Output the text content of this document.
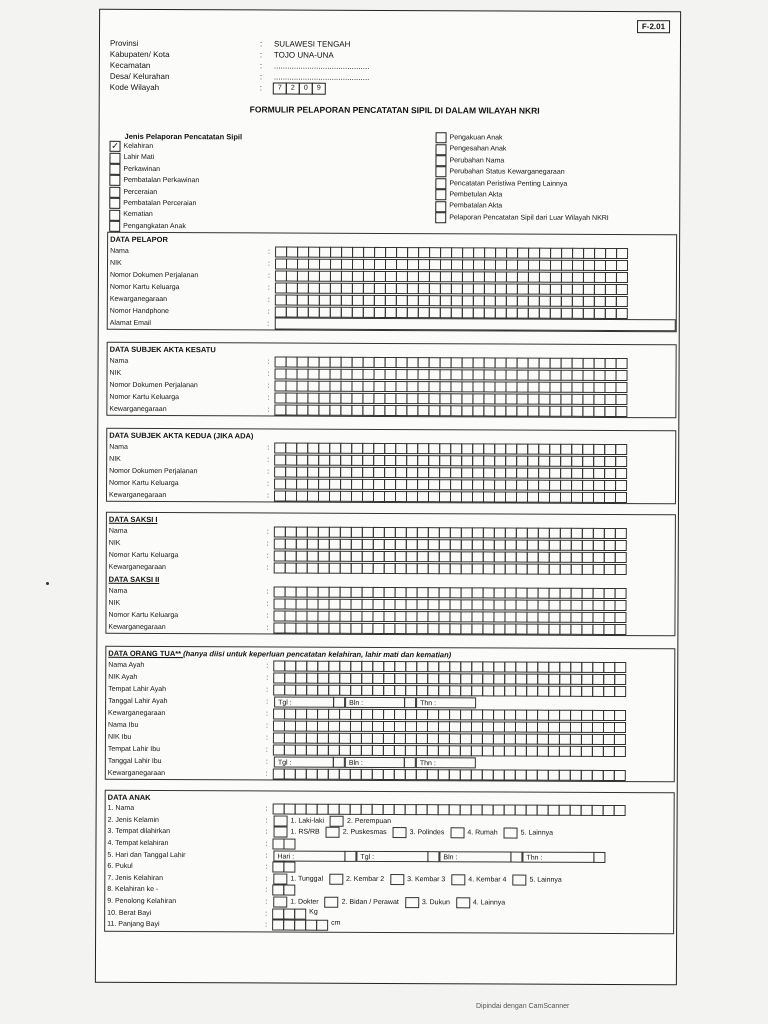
F-2.01
Provinsi	:	SULAWESI TENGAH
Kabupaten/ Kota	:	TOJO UNA-UNA
Kecamatan	:	...........................................
Desa/ Kelurahan	:	...........................................
Kode Wilayah	:	7	2	0	9
FORMULIR PELAPORAN PENCATATAN SIPIL DI DALAM WILAYAH NKRI
Jenis Pelaporan Pencatatan Sipil
✓ Kelahiran
Lahir Mati
Perkawinan
Pembatalan Perkawinan
Perceraian
Pembatalan Perceraian
Kematian
Pengangkatan Anak
Pengakuan Anak
Pengesahan Anak
Perubahan Nama
Perubahan Status Kewarganegaraan
Pencatatan Peristiwa Penting Lainnya
Pembetulan Akta
Pembatalan Akta
Pelaporan Pencatatan Sipil dari Luar Wilayah NKRI
DATA PELAPOR
Nama	:
NIK	:
Nomor Dokumen Perjalanan	:
Nomor Kartu Keluarga	:
Kewarganegaraan	:
Nomor Handphone	:
Alamat Email	:
DATA SUBJEK AKTA KESATU
Nama	:
NIK	:
Nomor Dokumen Perjalanan	:
Nomor Kartu Keluarga	:
Kewarganegaraan	:
DATA SUBJEK AKTA KEDUA (JIKA ADA)
Nama	:
NIK	:
Nomor Dokumen Perjalanan	:
Nomor Kartu Keluarga	:
Kewarganegaraan	:
DATA SAKSI I
Nama	:
NIK	:
Nomor Kartu Keluarga	:
Kewarganegaraan	:
DATA SAKSI II
Nama	:
NIK	:
Nomor Kartu Keluarga	:
Kewarganegaraan	:
DATA ORANG TUA** (hanya diisi untuk keperluan pencatatan kelahiran, lahir mati dan kematian)
Nama Ayah	:
NIK Ayah	:
Tempat Lahir Ayah	:
Tanggal Lahir Ayah	:	Tgl :	Bln :	Thn :
Kewarganegaraan	:
Nama Ibu	:
NIK Ibu	:
Tempat Lahir Ibu	:
Tanggal Lahir Ibu	:	Tgl :	Bln :	Thn :
Kewarganegaraan	:
DATA ANAK
1. Nama	:
2. Jenis Kelamin	:	1. Laki-laki	2. Perempuan
3. Tempat dilahirkan	:	1. RS/RB	2. Puskesmas	3. Polindes	4. Rumah	5. Lainnya
4. Tempat kelahiran	:
5. Hari dan Tanggal Lahir	:	Hari :	Tgl :	Bln :	Thn :
6. Pukul	:
7. Jenis Kelahiran	:	1. Tunggal	2. Kembar 2	3. Kembar 3	4. Kembar 4	5. Lainnya
8. Kelahiran ke -	:
9. Penolong Kelahiran	:	1. Dokter	2. Bidan / Perawat	3. Dukun	4. Lainnya
10. Berat Bayi	:	Kg
11. Panjang Bayi	:	cm
Dipindai dengan CamScanner
